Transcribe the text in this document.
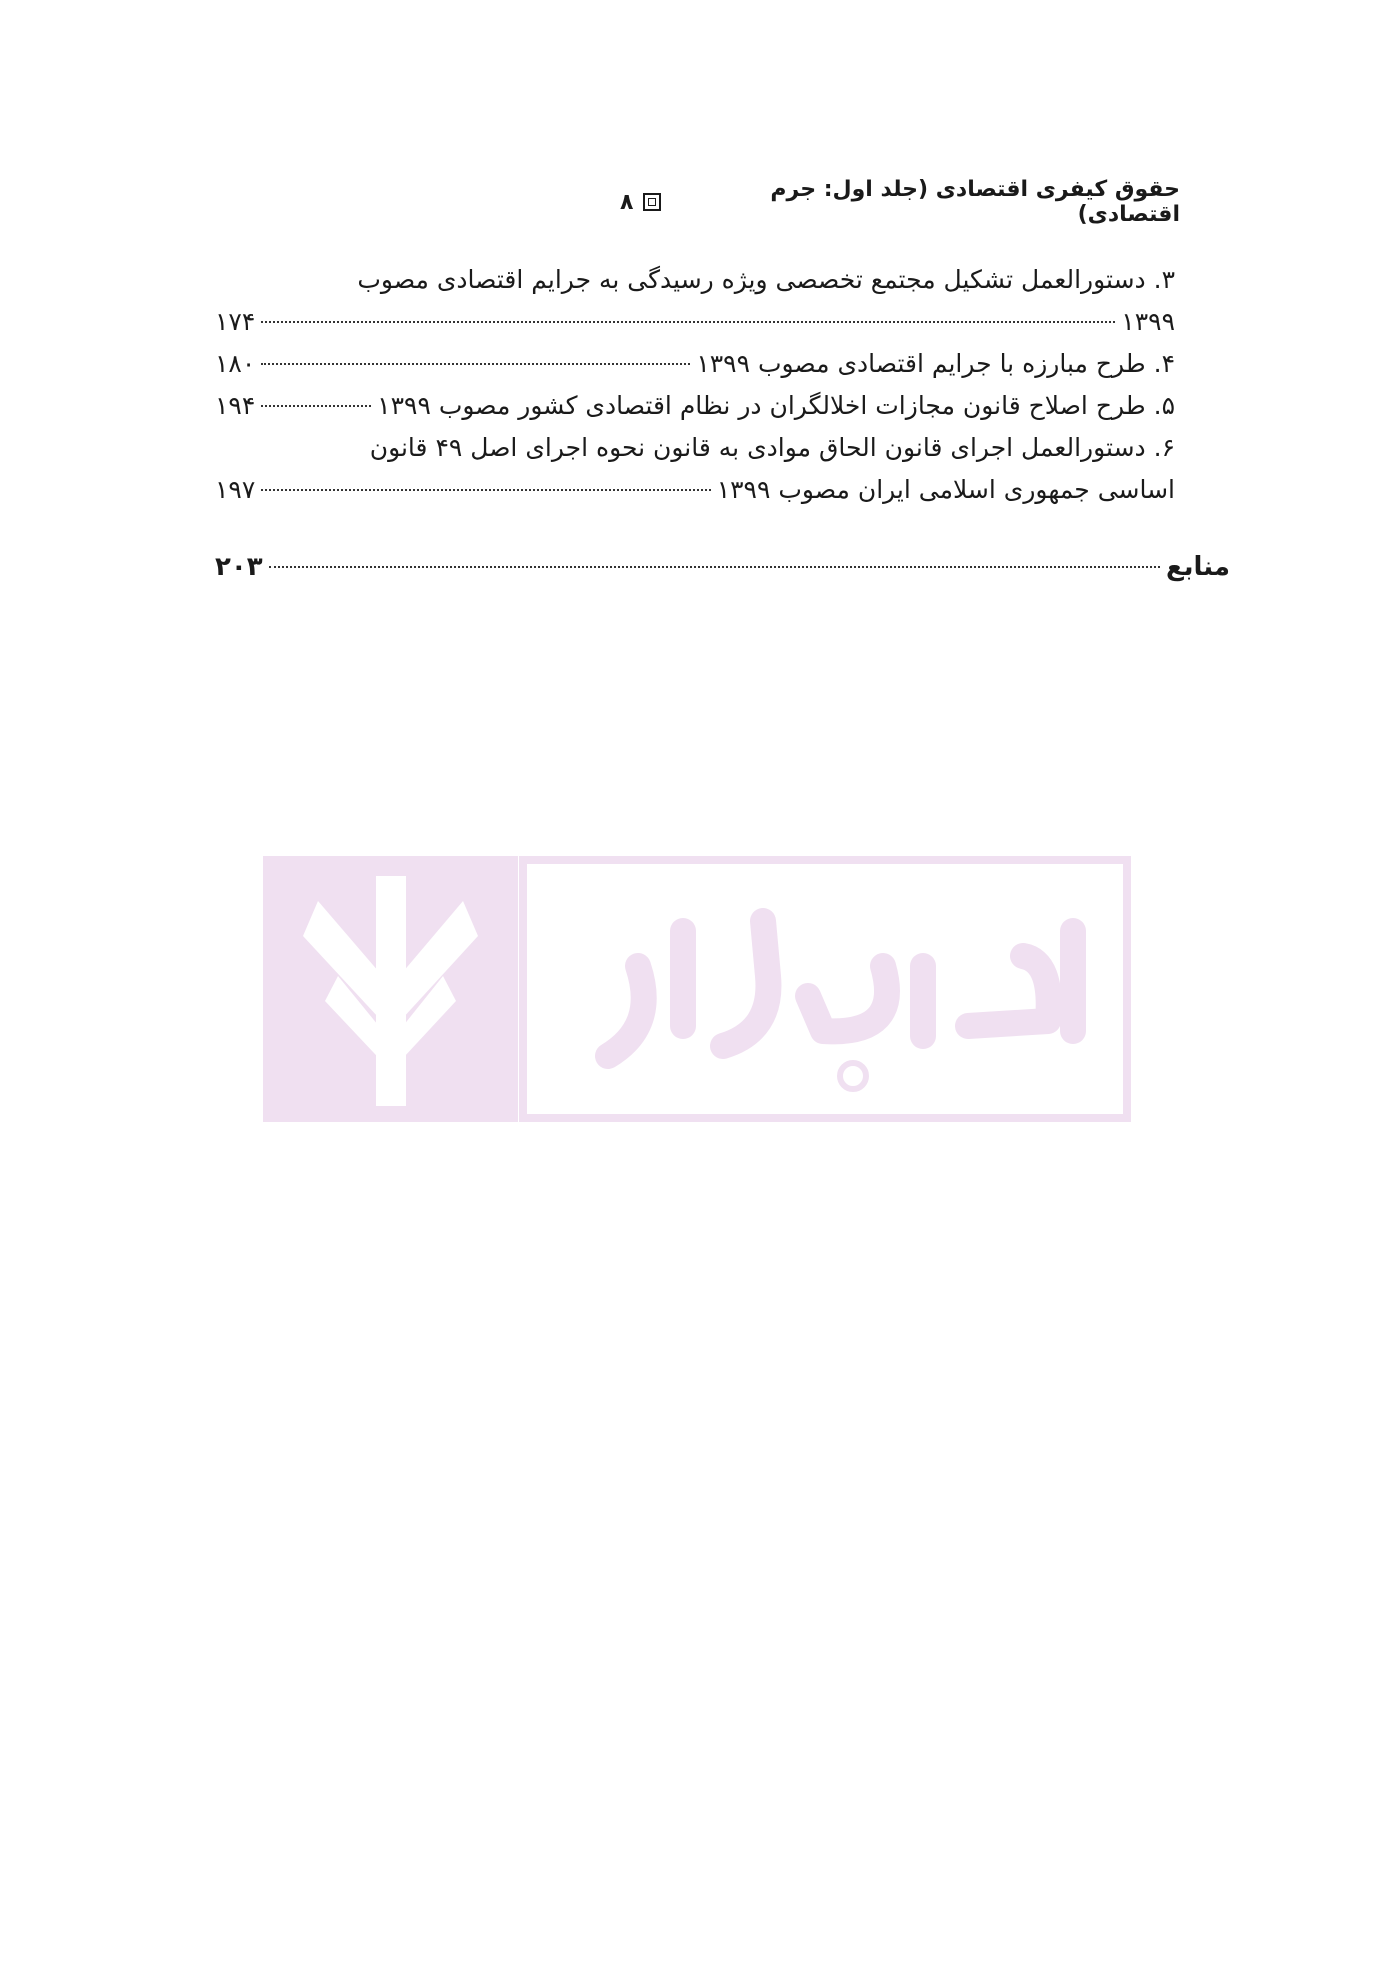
۸	حقوق کیفری اقتصادی (جلد اول: جرم اقتصادی)
۳. دستورالعمل تشکیل مجتمع تخصصی ویژه رسیدگی به جرایم اقتصادی مصوب
۱۳۹۹
۱۷۴
۴. طرح مبارزه با جرایم اقتصادی مصوب ۱۳۹۹
۱۸۰
۵. طرح اصلاح قانون مجازات اخلالگران در نظام اقتصادی کشور مصوب ۱۳۹۹
۱۹۴
۶. دستورالعمل اجرای قانون الحاق موادی به قانون نحوه اجرای اصل ۴۹ قانون
اساسی جمهوری اسلامی ایران مصوب ۱۳۹۹
۱۹۷
منابع
۲۰۳
